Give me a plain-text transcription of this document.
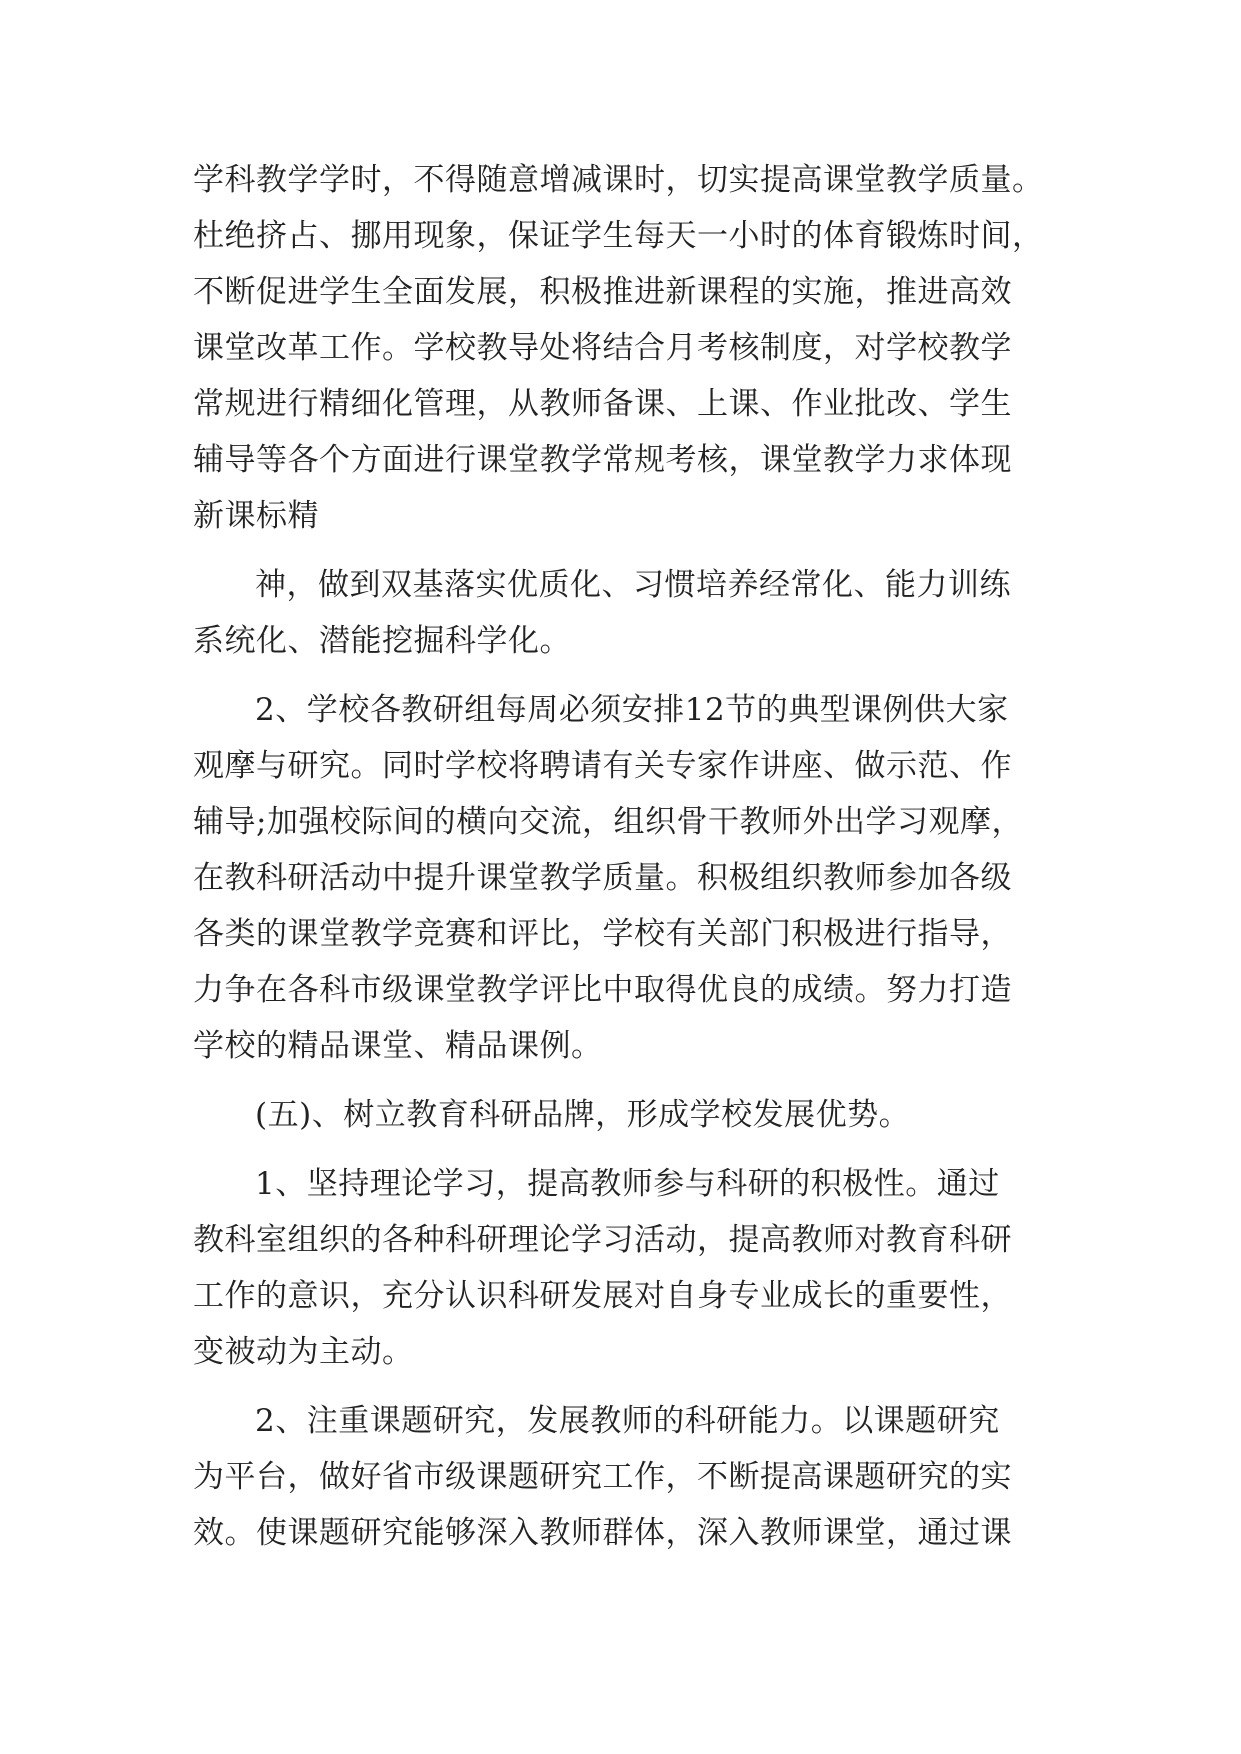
学科教学学时，不得随意增减课时，切实提高课堂教学质量。
杜绝挤占、挪用现象，保证学生每天一小时的体育锻炼时间，
不断促进学生全面发展，积极推进新课程的实施，推进高效
课堂改革工作。学校教导处将结合月考核制度，对学校教学
常规进行精细化管理，从教师备课、上课、作业批改、学生
辅导等各个方面进行课堂教学常规考核，课堂教学力求体现
新课标精
神，做到双基落实优质化、习惯培养经常化、能力训练
系统化、潜能挖掘科学化。
2、学校各教研组每周必须安排12节的典型课例供大家
观摩与研究。同时学校将聘请有关专家作讲座、做示范、作
辅导;加强校际间的横向交流，组织骨干教师外出学习观摩，
在教科研活动中提升课堂教学质量。积极组织教师参加各级
各类的课堂教学竞赛和评比，学校有关部门积极进行指导，
力争在各科市级课堂教学评比中取得优良的成绩。努力打造
学校的精品课堂、精品课例。
(五)、树立教育科研品牌，形成学校发展优势。
1、坚持理论学习，提高教师参与科研的积极性。通过
教科室组织的各种科研理论学习活动，提高教师对教育科研
工作的意识，充分认识科研发展对自身专业成长的重要性，
变被动为主动。
2、注重课题研究，发展教师的科研能力。以课题研究
为平台，做好省市级课题研究工作，不断提高课题研究的实
效。使课题研究能够深入教师群体，深入教师课堂，通过课
